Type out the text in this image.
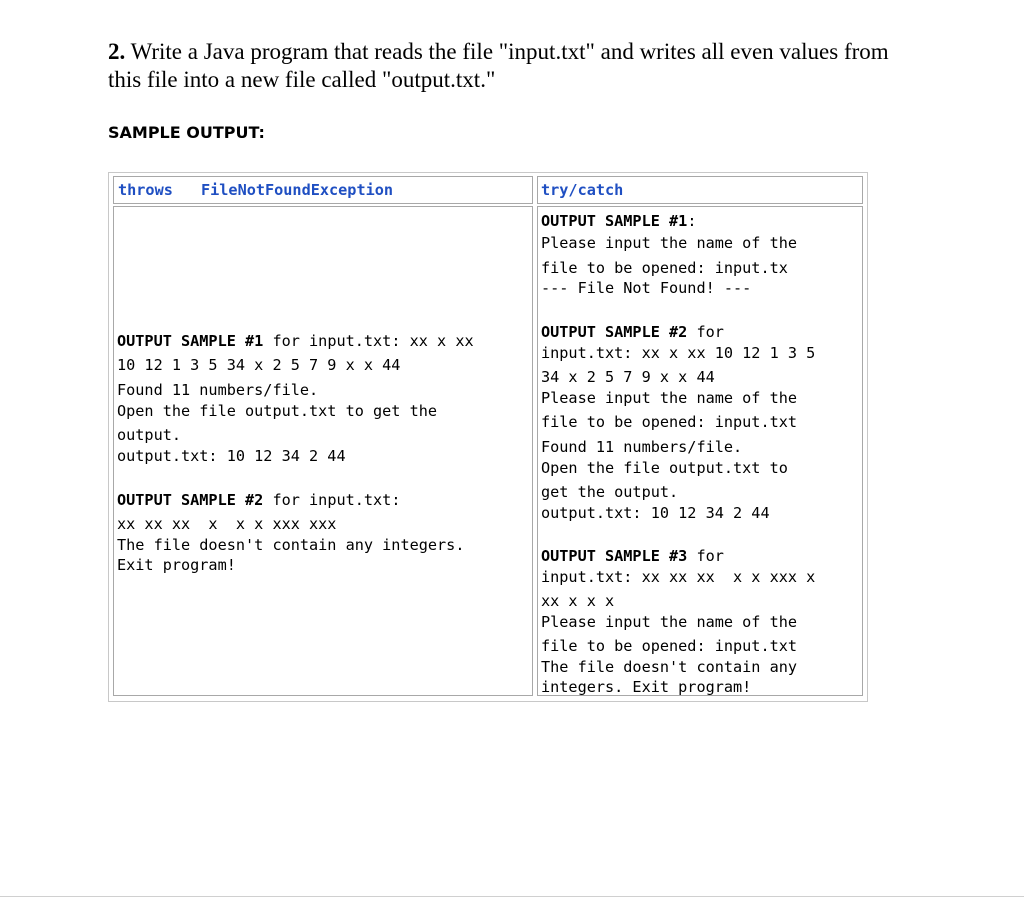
2. Write a Java program that reads the file "input.txt" and writes all even values from this file into a new file called "output.txt."
SAMPLE OUTPUT:
throws FileNotFoundException	try/catch
OUTPUT SAMPLE #1 for input.txt: xx x xx
10 12 1 3 5 34 x 2 5 7 9 x x 44
Found 11 numbers/file.
Open the file output.txt to get the
output.
output.txt: 10 12 34 2 44
OUTPUT SAMPLE #2 for input.txt:
xx xx xx  x  x x xxx xxx
The file doesn't contain any integers.
Exit program!
OUTPUT SAMPLE #1:
Please input the name of the
file to be opened: input.tx
--- File Not Found! ---
OUTPUT SAMPLE #2 for
input.txt: xx x xx 10 12 1 3 5
34 x 2 5 7 9 x x 44
Please input the name of the
file to be opened: input.txt
Found 11 numbers/file.
Open the file output.txt to
get the output.
output.txt: 10 12 34 2 44
OUTPUT SAMPLE #3 for
input.txt: xx xx xx  x x xxx x
xx x x x
Please input the name of the
file to be opened: input.txt
The file doesn't contain any
integers. Exit program!
